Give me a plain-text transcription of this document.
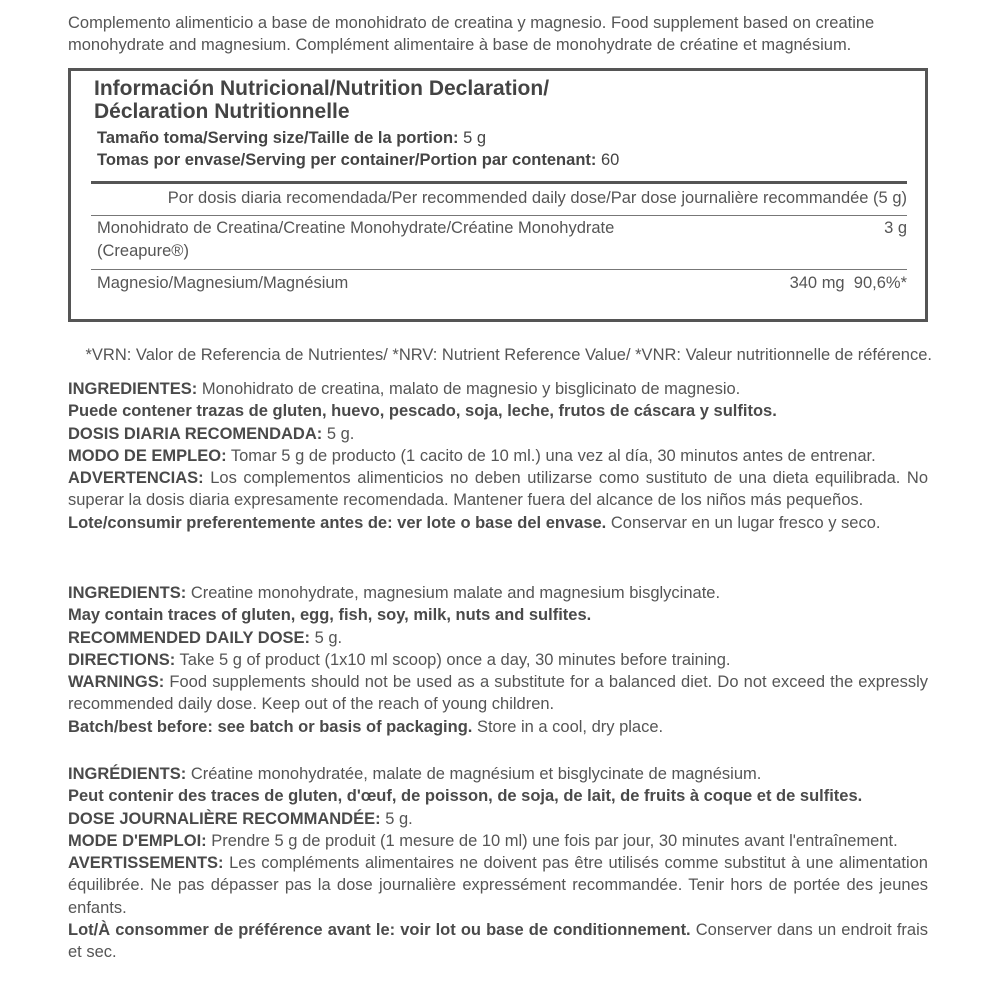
Complemento alimenticio a base de monohidrato de creatina y magnesio. Food supplement based on creatine monohydrate and magnesium. Complément alimentaire à base de monohydrate de créatine et magnésium.
Información Nutricional/Nutrition Declaration/
Déclaration Nutritionnelle
Tamaño toma/Serving size/Taille de la portion: 5 g
Tomas por envase/Serving per container/Portion par contenant: 60
Por dosis diaria recomendada/Per recommended daily dose/Par dose journalière recommandée (5 g)
Monohidrato de Creatina/Creatine Monohydrate/Créatine Monohydrate
(Creapure®)
3 g
Magnesio/Magnesium/Magnésium	340 mg  90,6%*
*VRN: Valor de Referencia de Nutrientes/ *NRV: Nutrient Reference Value/ *VNR: Valeur nutritionnelle de référence.

INGREDIENTES: Monohidrato de creatina, malato de magnesio y bisglicinato de magnesio.

Puede contener trazas de gluten, huevo, pescado, soja, leche, frutos de cáscara y sulfitos.

DOSIS DIARIA RECOMENDADA: 5 g.

MODO DE EMPLEO: Tomar 5 g de producto (1 cacito de 10 ml.) una vez al día, 30 minutos antes de entrenar.

ADVERTENCIAS: Los complementos alimenticios no deben utilizarse como sustituto de una dieta equilibrada. No superar la dosis diaria expresamente recomendada. Mantener fuera del alcance de los niños más pequeños.

Lote/consumir preferentemente antes de: ver lote o base del envase. Conservar en un lugar fresco y seco.

INGREDIENTS: Creatine monohydrate, magnesium malate and magnesium bisglycinate.

May contain traces of gluten, egg, fish, soy, milk, nuts and sulfites.

RECOMMENDED DAILY DOSE: 5 g.

DIRECTIONS: Take 5 g of product (1x10 ml scoop) once a day, 30 minutes before training.

WARNINGS: Food supplements should not be used as a substitute for a balanced diet. Do not exceed the expressly recommended daily dose. Keep out of the reach of young children.

Batch/best before: see batch or basis of packaging. Store in a cool, dry place.

INGRÉDIENTS: Créatine monohydratée, malate de magnésium et bisglycinate de magnésium.

Peut contenir des traces de gluten, d'œuf, de poisson, de soja, de lait, de fruits à coque et de sulfites.

DOSE JOURNALIÈRE RECOMMANDÉE: 5 g.

MODE D'EMPLOI: Prendre 5 g de produit (1 mesure de 10 ml) une fois par jour, 30 minutes avant l'entraînement.

AVERTISSEMENTS: Les compléments alimentaires ne doivent pas être utilisés comme substitut à une alimentation équilibrée. Ne pas dépasser pas la dose journalière expressément recommandée. Tenir hors de portée des jeunes enfants.

Lot/À consommer de préférence avant le: voir lot ou base de conditionnement. Conserver dans un endroit frais et sec.
